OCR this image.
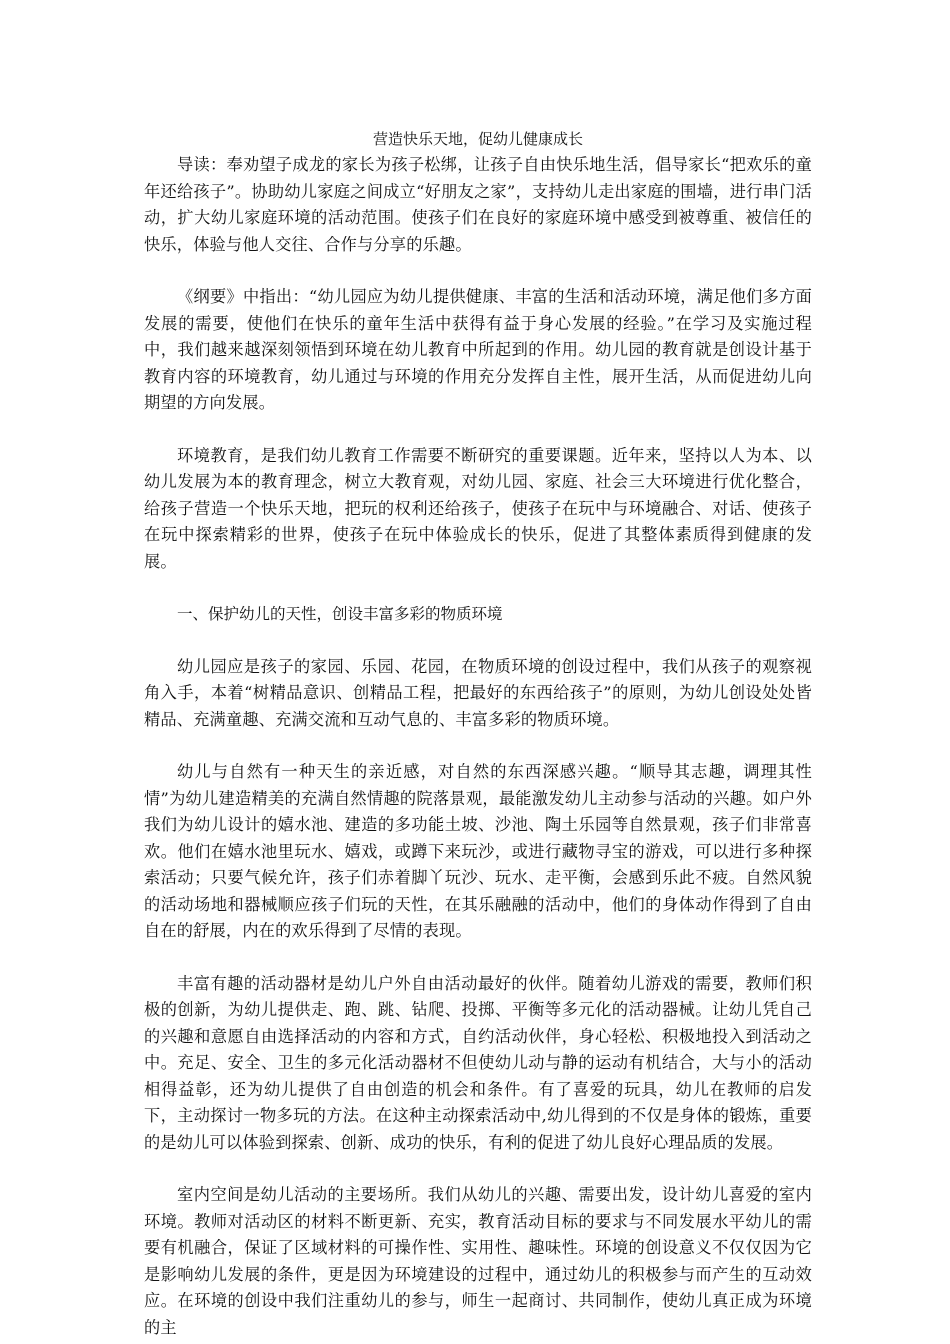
营造快乐天地，促幼儿健康成长

导读：奉劝望子成龙的家长为孩子松绑，让孩子自由快乐地生活，倡导家长“把欢乐的童年还给孩子”。协助幼儿家庭之间成立“好朋友之家”，支持幼儿走出家庭的围墙，进行串门活动，扩大幼儿家庭环境的活动范围。使孩子们在良好的家庭环境中感受到被尊重、被信任的快乐，体验与他人交往、合作与分享的乐趣。

《纲要》中指出：“幼儿园应为幼儿提供健康、丰富的生活和活动环境，满足他们多方面发展的需要，使他们在快乐的童年生活中获得有益于身心发展的经验。”在学习及实施过程中，我们越来越深刻领悟到环境在幼儿教育中所起到的作用。幼儿园的教育就是创设计基于教育内容的环境教育，幼儿通过与环境的作用充分发挥自主性，展开生活，从而促进幼儿向期望的方向发展。

环境教育，是我们幼儿教育工作需要不断研究的重要课题。近年来，坚持以人为本、以幼儿发展为本的教育理念，树立大教育观，对幼儿园、家庭、社会三大环境进行优化整合，给孩子营造一个快乐天地，把玩的权利还给孩子，使孩子在玩中与环境融合、对话、使孩子在玩中探索精彩的世界，使孩子在玩中体验成长的快乐，促进了其整体素质得到健康的发展。

一、保护幼儿的天性，创设丰富多彩的物质环境

幼儿园应是孩子的家园、乐园、花园，在物质环境的创设过程中，我们从孩子的观察视角入手，本着“树精品意识、创精品工程，把最好的东西给孩子”的原则，为幼儿创设处处皆精品、充满童趣、充满交流和互动气息的、丰富多彩的物质环境。

幼儿与自然有一种天生的亲近感，对自然的东西深感兴趣。“顺导其志趣，调理其性情”为幼儿建造精美的充满自然情趣的院落景观，最能激发幼儿主动参与活动的兴趣。如户外我们为幼儿设计的嬉水池、建造的多功能土坡、沙池、陶土乐园等自然景观，孩子们非常喜欢。他们在嬉水池里玩水、嬉戏，或蹲下来玩沙，或进行藏物寻宝的游戏，可以进行多种探索活动；只要气候允许，孩子们赤着脚丫玩沙、玩水、走平衡，会感到乐此不疲。自然风貌的活动场地和器械顺应孩子们玩的天性，在其乐融融的活动中，他们的身体动作得到了自由自在的舒展，内在的欢乐得到了尽情的表现。

丰富有趣的活动器材是幼儿户外自由活动最好的伙伴。随着幼儿游戏的需要，教师们积极的创新，为幼儿提供走、跑、跳、钻爬、投掷、平衡等多元化的活动器械。让幼儿凭自己的兴趣和意愿自由选择活动的内容和方式，自约活动伙伴，身心轻松、积极地投入到活动之中。充足、安全、卫生的多元化活动器材不但使幼儿动与静的运动有机结合，大与小的活动相得益彰，还为幼儿提供了自由创造的机会和条件。有了喜爱的玩具，幼儿在教师的启发下，主动探讨一物多玩的方法。在这种主动探索活动中,幼儿得到的不仅是身体的锻炼，重要的是幼儿可以体验到探索、创新、成功的快乐，有利的促进了幼儿良好心理品质的发展。

室内空间是幼儿活动的主要场所。我们从幼儿的兴趣、需要出发，设计幼儿喜爱的室内环境。教师对活动区的材料不断更新、充实，教育活动目标的要求与不同发展水平幼儿的需要有机融合，保证了区域材料的可操作性、实用性、趣味性。环境的创设意义不仅仅因为它是影响幼儿发展的条件，更是因为环境建设的过程中，通过幼儿的积极参与而产生的互动效应。在环境的创设中我们注重幼儿的参与，师生一起商讨、共同制作，使幼儿真正成为环境的主
